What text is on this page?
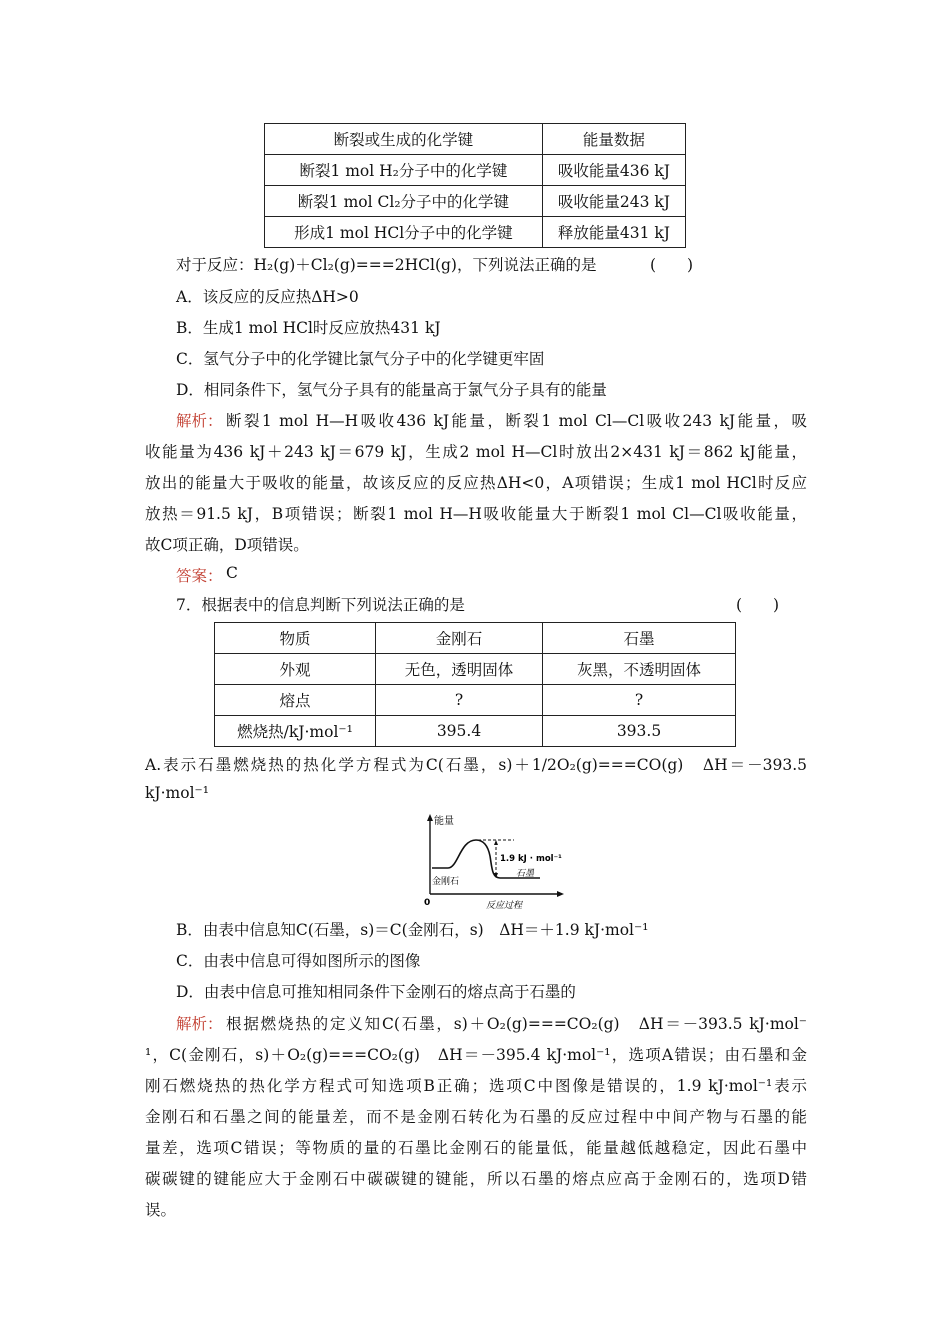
断裂或生成的化学键	能量数据
断裂1 mol H₂分子中的化学键	吸收能量436 kJ
断裂1 mol Cl₂分子中的化学键	吸收能量243 kJ
形成1 mol HCl分子中的化学键	释放能量431 kJ
对于反应：H₂(g)＋Cl₂(g)===2HCl(g)，下列说法正确的是	(　　)
A．该反应的反应热ΔH>0
B．生成1 mol HCl时反应放热431 kJ
C．氢气分子中的化学键比氯气分子中的化学键更牢固
D．相同条件下，氢气分子具有的能量高于氯气分子具有的能量
解析： 断裂1 mol H—H吸收436 kJ能量，断裂1 mol Cl—Cl吸收243 kJ能量，吸
收能量为436 kJ＋243 kJ＝679 kJ，生成2 mol H—Cl时放出2×431 kJ＝862 kJ能量，
放出的能量大于吸收的能量，故该反应的反应热ΔH<0，A项错误；生成1 mol HCl时反应
放热＝91.5 kJ，B项错误；断裂1 mol H—H吸收能量大于断裂1 mol Cl—Cl吸收能量，
故C项正确，D项错误。
答案： C
7．根据表中的信息判断下列说法正确的是	(　　)
物质	金刚石	石墨
外观	无色，透明固体	灰黑，不透明固体
熔点	?	?
燃烧热/kJ·mol⁻¹	395.4	393.5
A.表示石墨燃烧热的热化学方程式为C(石墨，s)＋1/2O₂(g)===CO(g)　ΔH＝－393.5
kJ·mol⁻¹
能量
1.9 kJ · mol⁻¹
金刚石
石墨
0	反应过程
B．由表中信息知C(石墨，s)＝C(金刚石，s)　ΔH＝＋1.9 kJ·mol⁻¹
C．由表中信息可得如图所示的图像
D．由表中信息可推知相同条件下金刚石的熔点高于石墨的
解析： 根据燃烧热的定义知C(石墨，s)＋O₂(g)===CO₂(g)　ΔH＝－393.5 kJ·mol⁻
¹，C(金刚石，s)＋O₂(g)===CO₂(g)　ΔH＝－395.4 kJ·mol⁻¹，选项A错误；由石墨和金
刚石燃烧热的热化学方程式可知选项B正确；选项C中图像是错误的，1.9 kJ·mol⁻¹表示
金刚石和石墨之间的能量差，而不是金刚石转化为石墨的反应过程中中间产物与石墨的能
量差，选项C错误；等物质的量的石墨比金刚石的能量低，能量越低越稳定，因此石墨中
碳碳键的键能应大于金刚石中碳碳键的键能，所以石墨的熔点应高于金刚石的，选项D错
误。
